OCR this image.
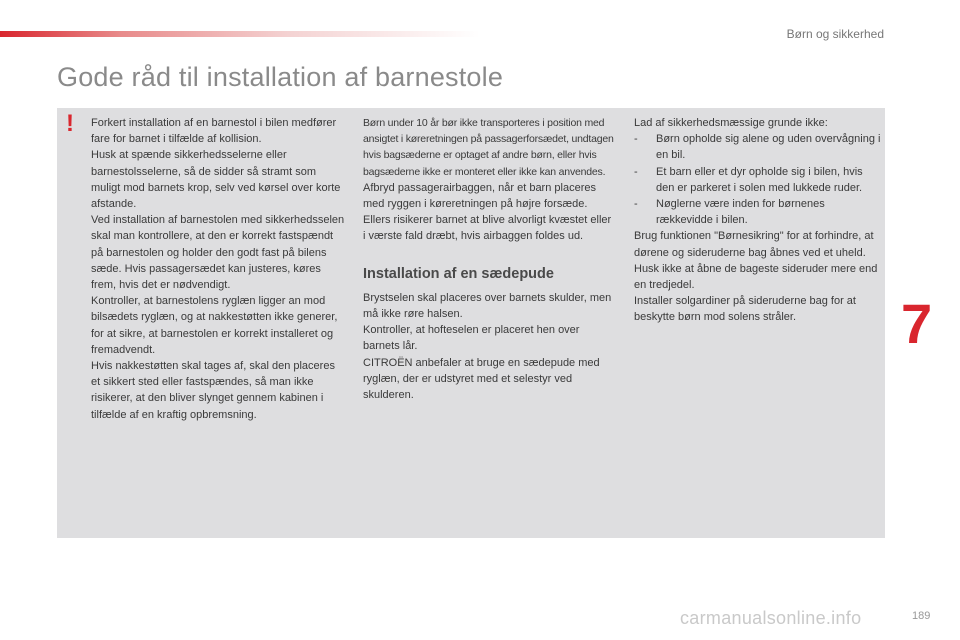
Børn og sikkerhed
Gode råd til installation af barnestole
! Forkert installation af en barnestol i bilen medfører fare for barnet i tilfælde af kollision.
Husk at spænde sikkerhedsselerne eller barnestolsselerne, så de sidder så stramt som muligt mod barnets krop, selv ved kørsel over korte afstande.
Ved installation af barnestolen med sikkerhedsselen skal man kontrollere, at den er korrekt fastspændt på barnestolen og holder den godt fast på bilens sæde. Hvis passagersædet kan justeres, køres frem, hvis det er nødvendigt.
Kontroller, at barnestolens ryglæn ligger an mod bilsædets ryglæn, og at nakkestøtten ikke generer, for at sikre, at barnestolen er korrekt installeret og fremadvendt.
Hvis nakkestøtten skal tages af, skal den placeres et sikkert sted eller fastspændes, så man ikke risikerer, at den bliver slynget gennem kabinen i tilfælde af en kraftig opbremsning.

Børn under 10 år bør ikke transporteres i position med ansigtet i køreretningen på passagerforsædet, undtagen hvis bagsæderne er optaget af andre børn, eller hvis bagsæderne ikke er monteret eller ikke kan anvendes.

Afbryd passagerairbaggen, når et barn placeres med ryggen i køreretningen på højre forsæde.
Ellers risikerer barnet at blive alvorligt kvæstet eller i værste fald dræbt, hvis airbaggen foldes ud.

Installation af en sædepude

Brystselen skal placeres over barnets skulder, men må ikke røre halsen.
Kontroller, at hofteselen er placeret hen over barnets lår.
CITROËN anbefaler at bruge en sædepude med ryglæn, der er udstyret med et selestyr ved skulderen.

Lad af sikkerhedsmæssige grunde ikke:

- Børn opholde sig alene og uden overvågning i en bil.
- Et barn eller et dyr opholde sig i bilen, hvis den er parkeret i solen med lukkede ruder.
- Nøglerne være inden for børnenes rækkevidde i bilen.

Brug funktionen "Børnesikring" for at forhindre, at dørene og sideruderne bag åbnes ved et uheld.
Husk ikke at åbne de bageste sideruder mere end en tredjedel.
Installer solgardiner på sideruderne bag for at beskytte børn mod solens stråler.	7
carmanualsonline.info	189
